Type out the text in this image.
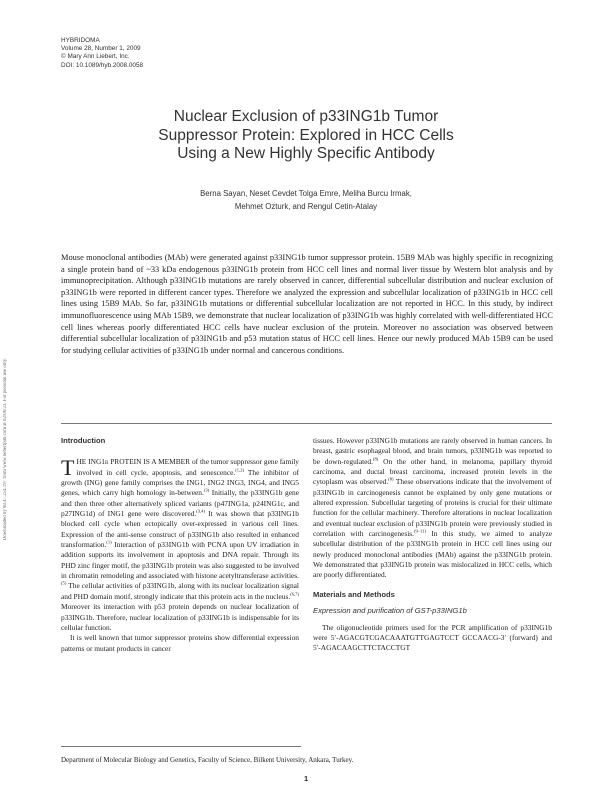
HYBRIDOMA
Volume 28, Number 1, 2009
© Mary Ann Liebert, Inc.
DOI: 10.1089/hyb.2008.0058
Nuclear Exclusion of p33ING1b Tumor
Suppressor Protein: Explored in HCC Cells
Using a New Highly Specific Antibody
Berna Sayan, Neset Cevdet Tolga Emre, Meliha Burcu Irmak,
Mehmet Ozturk, and Rengul Cetin-Atalay
Downloaded by 80.47.254.197 from www.liebertpub.com at 02/06/23. For personal use only.
Mouse monoclonal antibodies (MAb) were generated against p33ING1b tumor suppressor protein. 15B9 MAb was highly specific in recognizing a single protein band of ~33 kDa endogenous p33ING1b protein from HCC cell lines and normal liver tissue by Western blot analysis and by immunoprecipitation. Although p33ING1b mutations are rarely observed in cancer, differential subcellular distribution and nuclear exclusion of p33ING1b were reported in different cancer types. Therefore we analyzed the expression and subcellular localization of p33ING1b in HCC cell lines using 15B9 MAb. So far, p33ING1b mutations or differential subcellular localization are not reported in HCC. In this study, by indirect immunofluorescence using MAb 15B9, we demonstrate that nuclear localization of p33ING1b was highly correlated with well-differentiated HCC cell lines whereas poorly differentiated HCC cells have nuclear exclusion of the protein. Moreover no association was observed between differential subcellular localization of p33ING1b and p53 mutation status of HCC cell lines. Hence our newly produced MAb 15B9 can be used for studying cellular activities of p33ING1b under normal and cancerous conditions.

Introduction

THE ING1b PROTEIN IS A MEMBER of the tumor suppressor gene family involved in cell cycle, apoptosis, and senescence.$^{(1,2)}$ The inhibitor of growth (ING) gene family comprises the ING1, ING2 ING3, ING4, and ING5 genes, which carry high homology in-between.$^{(3)}$ Initially, the p33ING1b gene and then three other alternatively spliced variants (p47ING1a, p24ING1c, and p27ING1d) of ING1 gene were discovered.$^{(3,4)}$ It was shown that p33ING1b blocked cell cycle when ectopically over-expressed in various cell lines. Expression of the anti-sense construct of p33ING1b also resulted in enhanced transformation.$^{(1)}$ Interaction of p33ING1b with PCNA upon UV irradiation in addition supports its involvement in apoptosis and DNA repair. Through its PHD zinc finger motif, the p33ING1b protein was also suggested to be involved in chromatin remodeling and associated with histone acetyltransferase activities.$^{(5)}$ The cellular activities of p33ING1b, along with its nuclear localization signal and PHD domain motif, strongly indicate that this protein acts in the nucleus.$^{(6,7)}$ Moreover its interaction with p53 protein depends on nuclear localization of p33ING1b. Therefore, nuclear localization of p33ING1b is indispensable for its cellular function.

It is well known that tumor suppressor proteins show differential expression patterns or mutant products in cancer

tissues. However p33ING1b mutations are rarely observed in human cancers. In breast, gastric esophageal blood, and brain tumors, p33ING1b was reported to be down-regulated.$^{(8)}$ On the other hand, in melanoma, papillary thyroid carcinoma, and ductal breast carcinoma, increased protein levels in the cytoplasm was observed.$^{(8)}$ These observations indicate that the involvement of p33ING1b in carcinogenesis cannot be explained by only gene mutations or altered expression. Subcellular targeting of proteins is crucial for their ultimate function for the cellular machinery. Therefore alterations in nuclear localization and eventual nuclear exclusion of p33ING1b protein were previously studied in correlation with carcinogenesis.$^{(9-11)}$ In this study, we aimed to analyze subcellular distribution of the p33ING1b protein in HCC cell lines using our newly produced monoclonal antibodies (MAb) against the p33ING1b protein. We demonstrated that p33ING1b protein was mislocalized in HCC cells, which are poorly differentiated.

Materials and Methods

Expression and purification of GST-p33ING1b

The oligonucleotide primers used for the PCR amplification of p33ING1b were 5′-AGACGTCGACAAATGTTGAGTCCT GCCAACG-3′ (forward) and 5′-AGACAAGCTTCTACCTGT

Department of Molecular Biology and Genetics, Faculty of Science, Bilkent University, Ankara, Turkey.
1
